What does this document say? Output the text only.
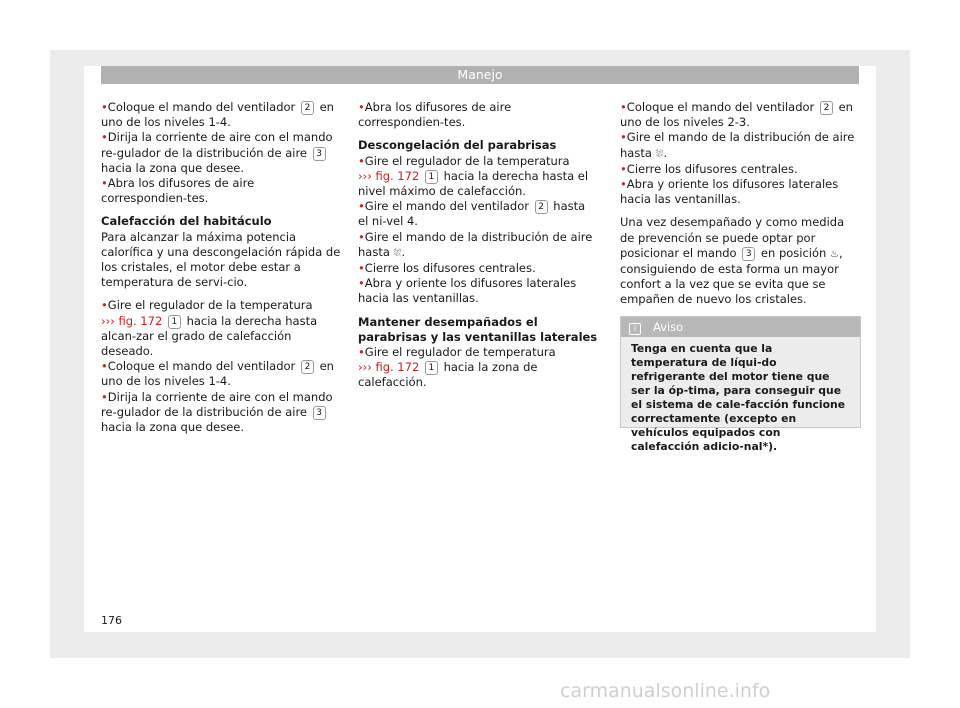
Manejo

• Coloque el mando del ventilador 2 en uno de los niveles 1-4.

• Dirija la corriente de aire con el mando re-gulador de la distribución de aire 3 hacia la zona que desee.

• Abra los difusores de aire correspondien-tes.

Calefacción del habitáculo

Para alcanzar la máxima potencia calorífica y una descongelación rápida de los cristales, el motor debe estar a temperatura de servi-cio.

• Gire el regulador de la temperatura
››› fig. 172 1 hacia la derecha hasta alcan-zar el grado de calefacción deseado.

• Coloque el mando del ventilador 2 en uno de los niveles 1-4.

• Dirija la corriente de aire con el mando re-gulador de la distribución de aire 3 hacia la zona que desee.

• Abra los difusores de aire correspondien-tes.

Descongelación del parabrisas

• Gire el regulador de la temperatura
››› fig. 172 1 hacia la derecha hasta el nivel máximo de calefacción.

• Gire el mando del ventilador 2 hasta el ni-vel 4.

• Gire el mando de la distribución de aire hasta ⛆.

• Cierre los difusores centrales.

• Abra y oriente los difusores laterales hacia las ventanillas.

Mantener desempañados el parabrisas y las ventanillas laterales

• Gire el regulador de temperatura
››› fig. 172 1 hacia la zona de calefacción.

• Coloque el mando del ventilador 2 en uno de los niveles 2-3.

• Gire el mando de la distribución de aire hasta ⛆.

• Cierre los difusores centrales.

• Abra y oriente los difusores laterales hacia las ventanillas.

Una vez desempañado y como medida de prevención se puede optar por posicionar el mando 3 en posición ♨, consiguiendo de esta forma un mayor confort a la vez que se evita que se empañen de nuevo los cristales.

i Aviso
Tenga en cuenta que la temperatura de líqui-do refrigerante del motor tiene que ser la óp-tima, para conseguir que el sistema de cale-facción funcione correctamente (excepto en vehículos equipados con calefacción adicio-nal*).
176
carmanualsonline.info
